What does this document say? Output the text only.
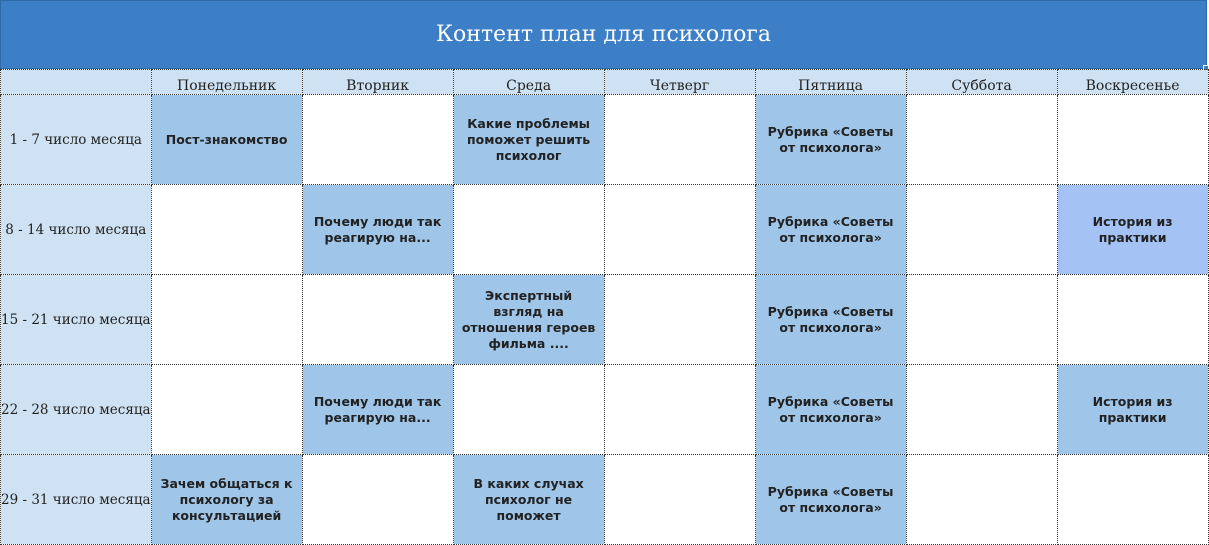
Контент план для психолога
	Понедельник	Вторник	Среда	Четверг	Пятница	Суббота	Воскресенье
1 - 7 число месяца	Пост-знакомство		Какие проблемы поможет решить психолог		Рубрика «Советы от психолога»		

8 - 14 число месяца		Почему люди так реагирую на...			Рубрика «Советы от психолога»		История из практики

15 - 21 число месяца			Экспертный взгляд на отношения героев фильма ....		Рубрика «Советы от психолога»		

22 - 28 число месяца		Почему люди так реагирую на...			Рубрика «Советы от психолога»		История из практики

29 - 31 число месяца	Зачем общаться к психологу за консультацией		В каких случах психолог не поможет		Рубрика «Советы от психолога»		
